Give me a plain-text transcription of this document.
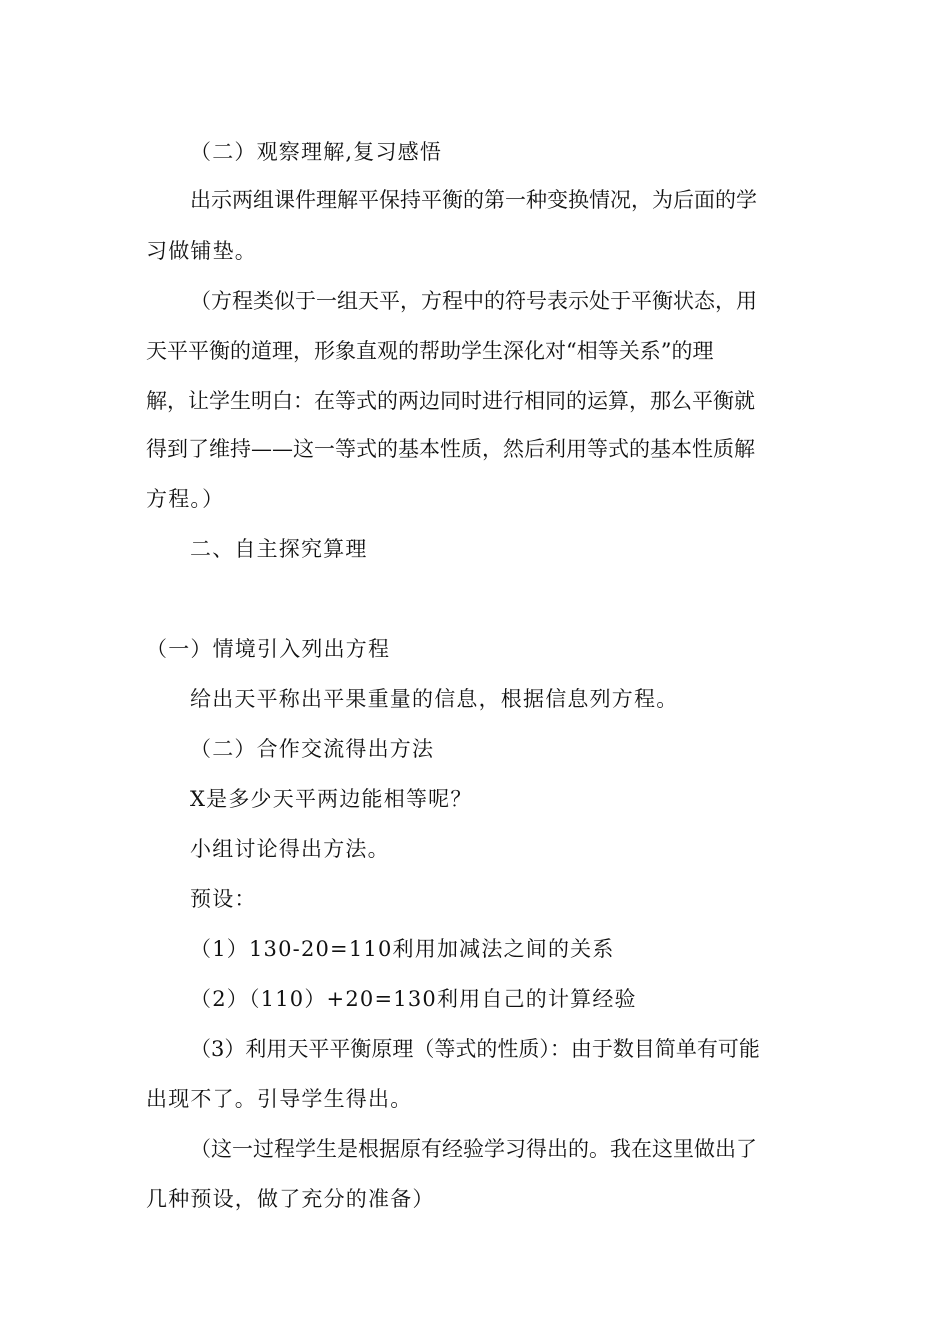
（二）观察理解,复习感悟
出示两组课件理解平保持平衡的第一种变换情况，为后面的学
习做铺垫。
（方程类似于一组天平，方程中的符号表示处于平衡状态，用
天平平衡的道理，形象直观的帮助学生深化对“相等关系”的理
解，让学生明白：在等式的两边同时进行相同的运算，那么平衡就
得到了维持——这一等式的基本性质，然后利用等式的基本性质解
方程。）
二、自主探究算理
（一）情境引入列出方程
给出天平称出平果重量的信息，根据信息列方程。
（二）合作交流得出方法
X是多少天平两边能相等呢？
小组讨论得出方法。
预设：
（1）130-20=110利用加减法之间的关系
（2）（110）+20=130利用自己的计算经验
（3）利用天平平衡原理（等式的性质）：由于数目简单有可能
出现不了。引导学生得出。
（这一过程学生是根据原有经验学习得出的。我在这里做出了
几种预设，做了充分的准备）
